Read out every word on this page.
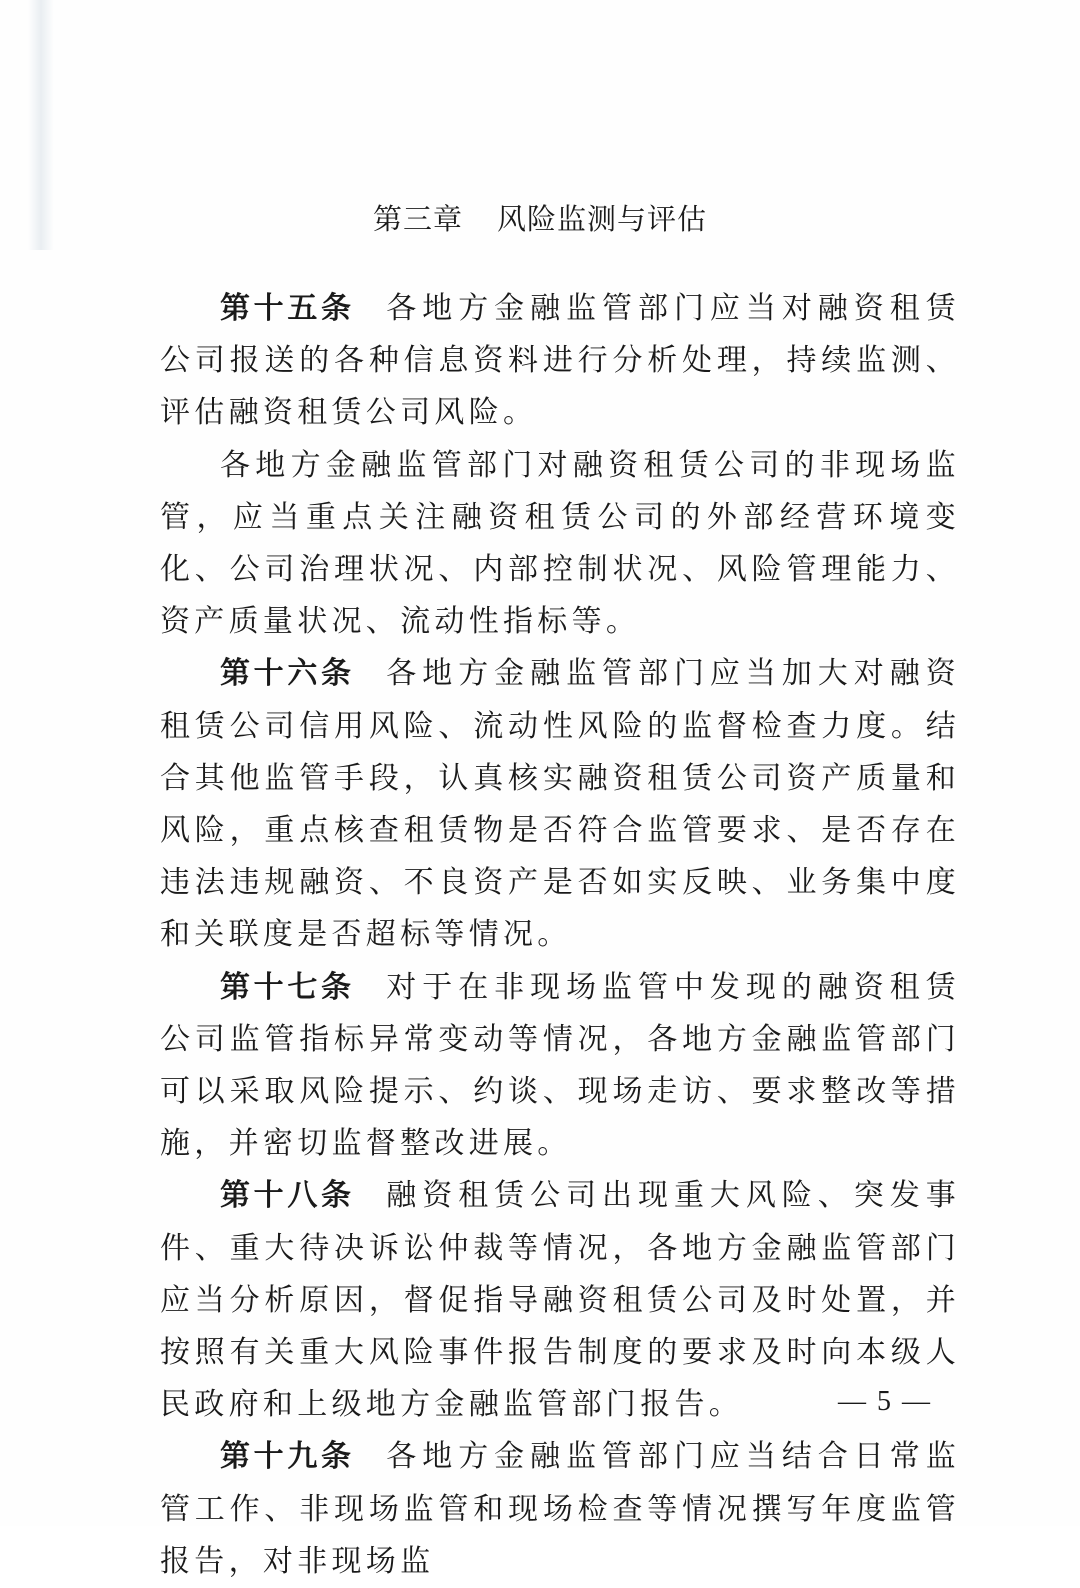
第三章 风险监测与评估

第十五条 各地方金融监管部门应当对融资租赁公司报送的各种信息资料进行分析处理，持续监测、评估融资租赁公司风险。

各地方金融监管部门对融资租赁公司的非现场监管，应当重点关注融资租赁公司的外部经营环境变化、公司治理状况、内部控制状况、风险管理能力、资产质量状况、流动性指标等。

第十六条 各地方金融监管部门应当加大对融资租赁公司信用风险、流动性风险的监督检查力度。结合其他监管手段，认真核实融资租赁公司资产质量和风险，重点核查租赁物是否符合监管要求、是否存在违法违规融资、不良资产是否如实反映、业务集中度和关联度是否超标等情况。

第十七条 对于在非现场监管中发现的融资租赁公司监管指标异常变动等情况，各地方金融监管部门可以采取风险提示、约谈、现场走访、要求整改等措施，并密切监督整改进展。

第十八条 融资租赁公司出现重大风险、突发事件、重大待决诉讼仲裁等情况，各地方金融监管部门应当分析原因，督促指导融资租赁公司及时处置，并按照有关重大风险事件报告制度的要求及时向本级人民政府和上级地方金融监管部门报告。

第十九条 各地方金融监管部门应当结合日常监管工作、非现场监管和现场检查等情况撰写年度监管报告，对非现场监

— 5 —
